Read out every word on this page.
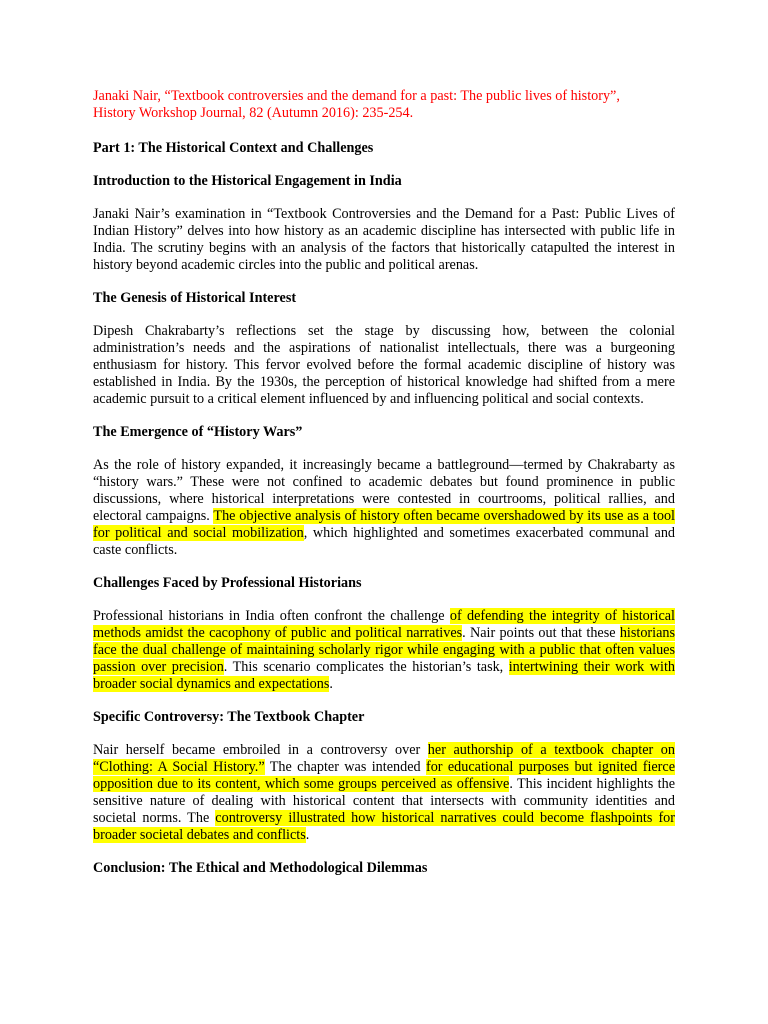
Janaki Nair, “Textbook controversies and the demand for a past: The public lives of history”,
History Workshop Journal, 82 (Autumn 2016): 235-254.
Part 1: The Historical Context and Challenges
Introduction to the Historical Engagement in India

Janaki Nair’s examination in “Textbook Controversies and the Demand for a Past: Public Lives of Indian History” delves into how history as an academic discipline has intersected with public life in India. The scrutiny begins with an analysis of the factors that historically catapulted the interest in history beyond academic circles into the public and political arenas.

The Genesis of Historical Interest

Dipesh Chakrabarty’s reflections set the stage by discussing how, between the colonial administration’s needs and the aspirations of nationalist intellectuals, there was a burgeoning enthusiasm for history. This fervor evolved before the formal academic discipline of history was established in India. By the 1930s, the perception of historical knowledge had shifted from a mere academic pursuit to a critical element influenced by and influencing political and social contexts.

The Emergence of “History Wars”

As the role of history expanded, it increasingly became a battleground—termed by Chakrabarty as “history wars.” These were not confined to academic debates but found prominence in public discussions, where historical interpretations were contested in courtrooms, political rallies, and electoral campaigns. The objective analysis of history often became overshadowed by its use as a tool for political and social mobilization, which highlighted and sometimes exacerbated communal and caste conflicts.

Challenges Faced by Professional Historians

Professional historians in India often confront the challenge of defending the integrity of historical methods amidst the cacophony of public and political narratives. Nair points out that these historians face the dual challenge of maintaining scholarly rigor while engaging with a public that often values passion over precision. This scenario complicates the historian’s task, intertwining their work with broader social dynamics and expectations.

Specific Controversy: The Textbook Chapter

Nair herself became embroiled in a controversy over her authorship of a textbook chapter on “Clothing: A Social History.” The chapter was intended for educational purposes but ignited fierce opposition due to its content, which some groups perceived as offensive. This incident highlights the sensitive nature of dealing with historical content that intersects with community identities and societal norms. The controversy illustrated how historical narratives could become flashpoints for broader societal debates and conflicts.

Conclusion: The Ethical and Methodological Dilemmas
